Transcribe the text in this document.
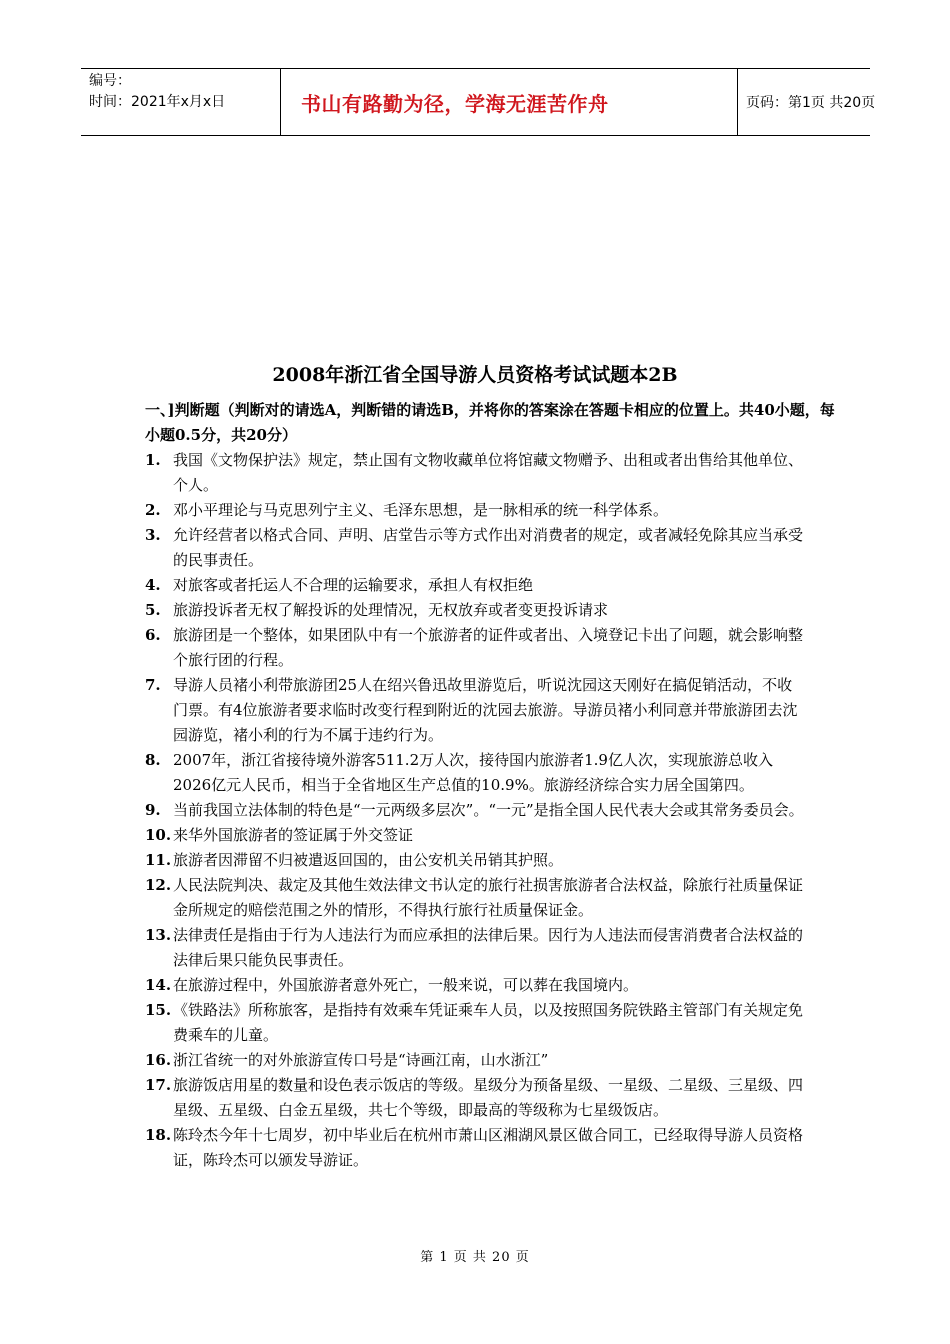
编号：
时间：2021年x月x日	书山有路勤为径，学海无涯苦作舟	页码：第1页 共20页
2008年浙江省全国导游人员资格考试试题本2B
一、]判断题（判断对的请选A，判断错的请选B，并将你的答案涂在答题卡相应的位置上。共40小题，每小题0.5分，共20分）
1. 我国《文物保护法》规定，禁止国有文物收藏单位将馆藏文物赠予、出租或者出售给其他单位、个人。
2. 邓小平理论与马克思列宁主义、毛泽东思想，是一脉相承的统一科学体系。
3. 允许经营者以格式合同、声明、店堂告示等方式作出对消费者的规定，或者减轻免除其应当承受的民事责任。
4. 对旅客或者托运人不合理的运输要求，承担人有权拒绝
5. 旅游投诉者无权了解投诉的处理情况，无权放弃或者变更投诉请求
6. 旅游团是一个整体，如果团队中有一个旅游者的证件或者出、入境登记卡出了问题，就会影响整个旅行团的行程。
7. 导游人员褚小利带旅游团25人在绍兴鲁迅故里游览后，听说沈园这天刚好在搞促销活动，不收门票。有4位旅游者要求临时改变行程到附近的沈园去旅游。导游员褚小利同意并带旅游团去沈园游览，褚小利的行为不属于违约行为。
8. 2007年，浙江省接待境外游客511.2万人次，接待国内旅游者1.9亿人次，实现旅游总收入2026亿元人民币，相当于全省地区生产总值的10.9%。旅游经济综合实力居全国第四。
9. 当前我国立法体制的特色是“一元两级多层次”。“一元”是指全国人民代表大会或其常务委员会。
10. 来华外国旅游者的签证属于外交签证
11. 旅游者因滞留不归被遣返回国的，由公安机关吊销其护照。
12. 人民法院判决、裁定及其他生效法律文书认定的旅行社损害旅游者合法权益，除旅行社质量保证金所规定的赔偿范围之外的情形，不得执行旅行社质量保证金。
13. 法律责任是指由于行为人违法行为而应承担的法律后果。因行为人违法而侵害消费者合法权益的法律后果只能负民事责任。
14. 在旅游过程中，外国旅游者意外死亡，一般来说，可以葬在我国境内。
15. 《铁路法》所称旅客，是指持有效乘车凭证乘车人员，以及按照国务院铁路主管部门有关规定免费乘车的儿童。
16. 浙江省统一的对外旅游宣传口号是“诗画江南，山水浙江”
17. 旅游饭店用星的数量和设色表示饭店的等级。星级分为预备星级、一星级、二星级、三星级、四星级、五星级、白金五星级，共七个等级，即最高的等级称为七星级饭店。
18. 陈玲杰今年十七周岁，初中毕业后在杭州市萧山区湘湖风景区做合同工，已经取得导游人员资格证，陈玲杰可以颁发导游证。
第 1 页 共 20 页
